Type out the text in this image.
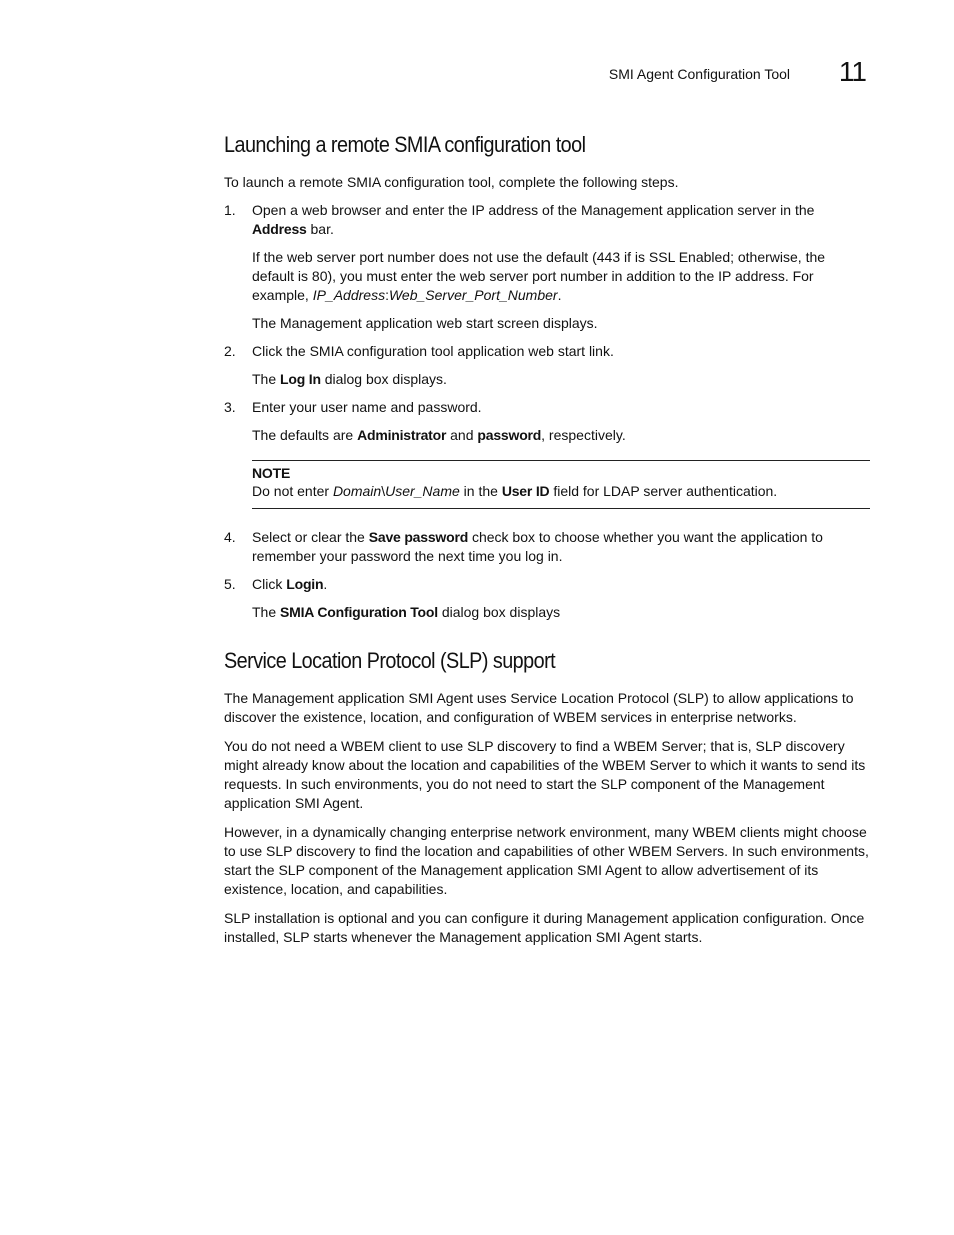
SMI Agent Configuration Tool 11
Launching a remote SMIA configuration tool

To launch a remote SMIA configuration tool, complete the following steps.

1. Open a web browser and enter the IP address of the Management application server in the Address bar.

If the web server port number does not use the default (443 if is SSL Enabled; otherwise, the default is 80), you must enter the web server port number in addition to the IP address. For example, IP_Address:Web_Server_Port_Number.

The Management application web start screen displays.

2. Click the SMIA configuration tool application web start link.

The Log In dialog box displays.

3. Enter your user name and password.

The defaults are Administrator and password, respectively.

NOTE

Do not enter Domain\User_Name in the User ID field for LDAP server authentication.

4. Select or clear the Save password check box to choose whether you want the application to remember your password the next time you log in.

5. Click Login.

The SMIA Configuration Tool dialog box displays

Service Location Protocol (SLP) support

The Management application SMI Agent uses Service Location Protocol (SLP) to allow applications to discover the existence, location, and configuration of WBEM services in enterprise networks.

You do not need a WBEM client to use SLP discovery to find a WBEM Server; that is, SLP discovery might already know about the location and capabilities of the WBEM Server to which it wants to send its requests. In such environments, you do not need to start the SLP component of the Management application SMI Agent.

However, in a dynamically changing enterprise network environment, many WBEM clients might choose to use SLP discovery to find the location and capabilities of other WBEM Servers. In such environments, start the SLP component of the Management application SMI Agent to allow advertisement of its existence, location, and capabilities.

SLP installation is optional and you can configure it during Management application configuration. Once installed, SLP starts whenever the Management application SMI Agent starts.
